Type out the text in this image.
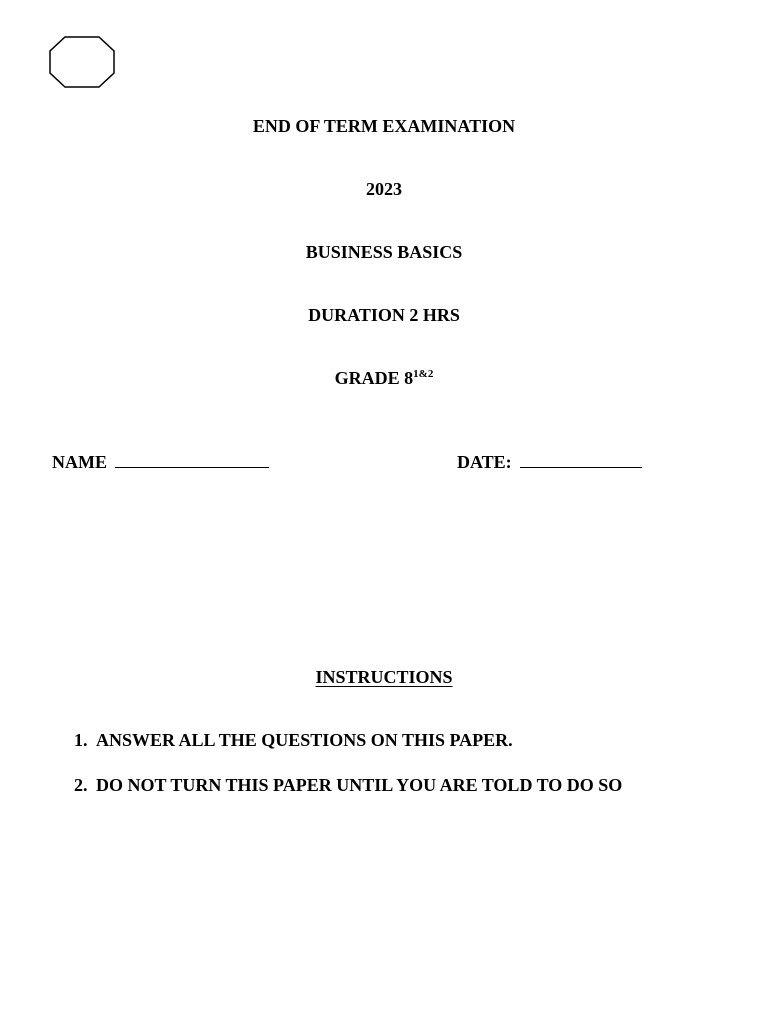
END OF TERM EXAMINATION
2023
BUSINESS BASICS
DURATION 2 HRS
GRADE $8^{1\&2}$
NAME	DATE:
INSTRUCTIONS
1. ANSWER ALL THE QUESTIONS ON THIS PAPER.
2. DO NOT TURN THIS PAPER UNTIL YOU ARE TOLD TO DO SO
